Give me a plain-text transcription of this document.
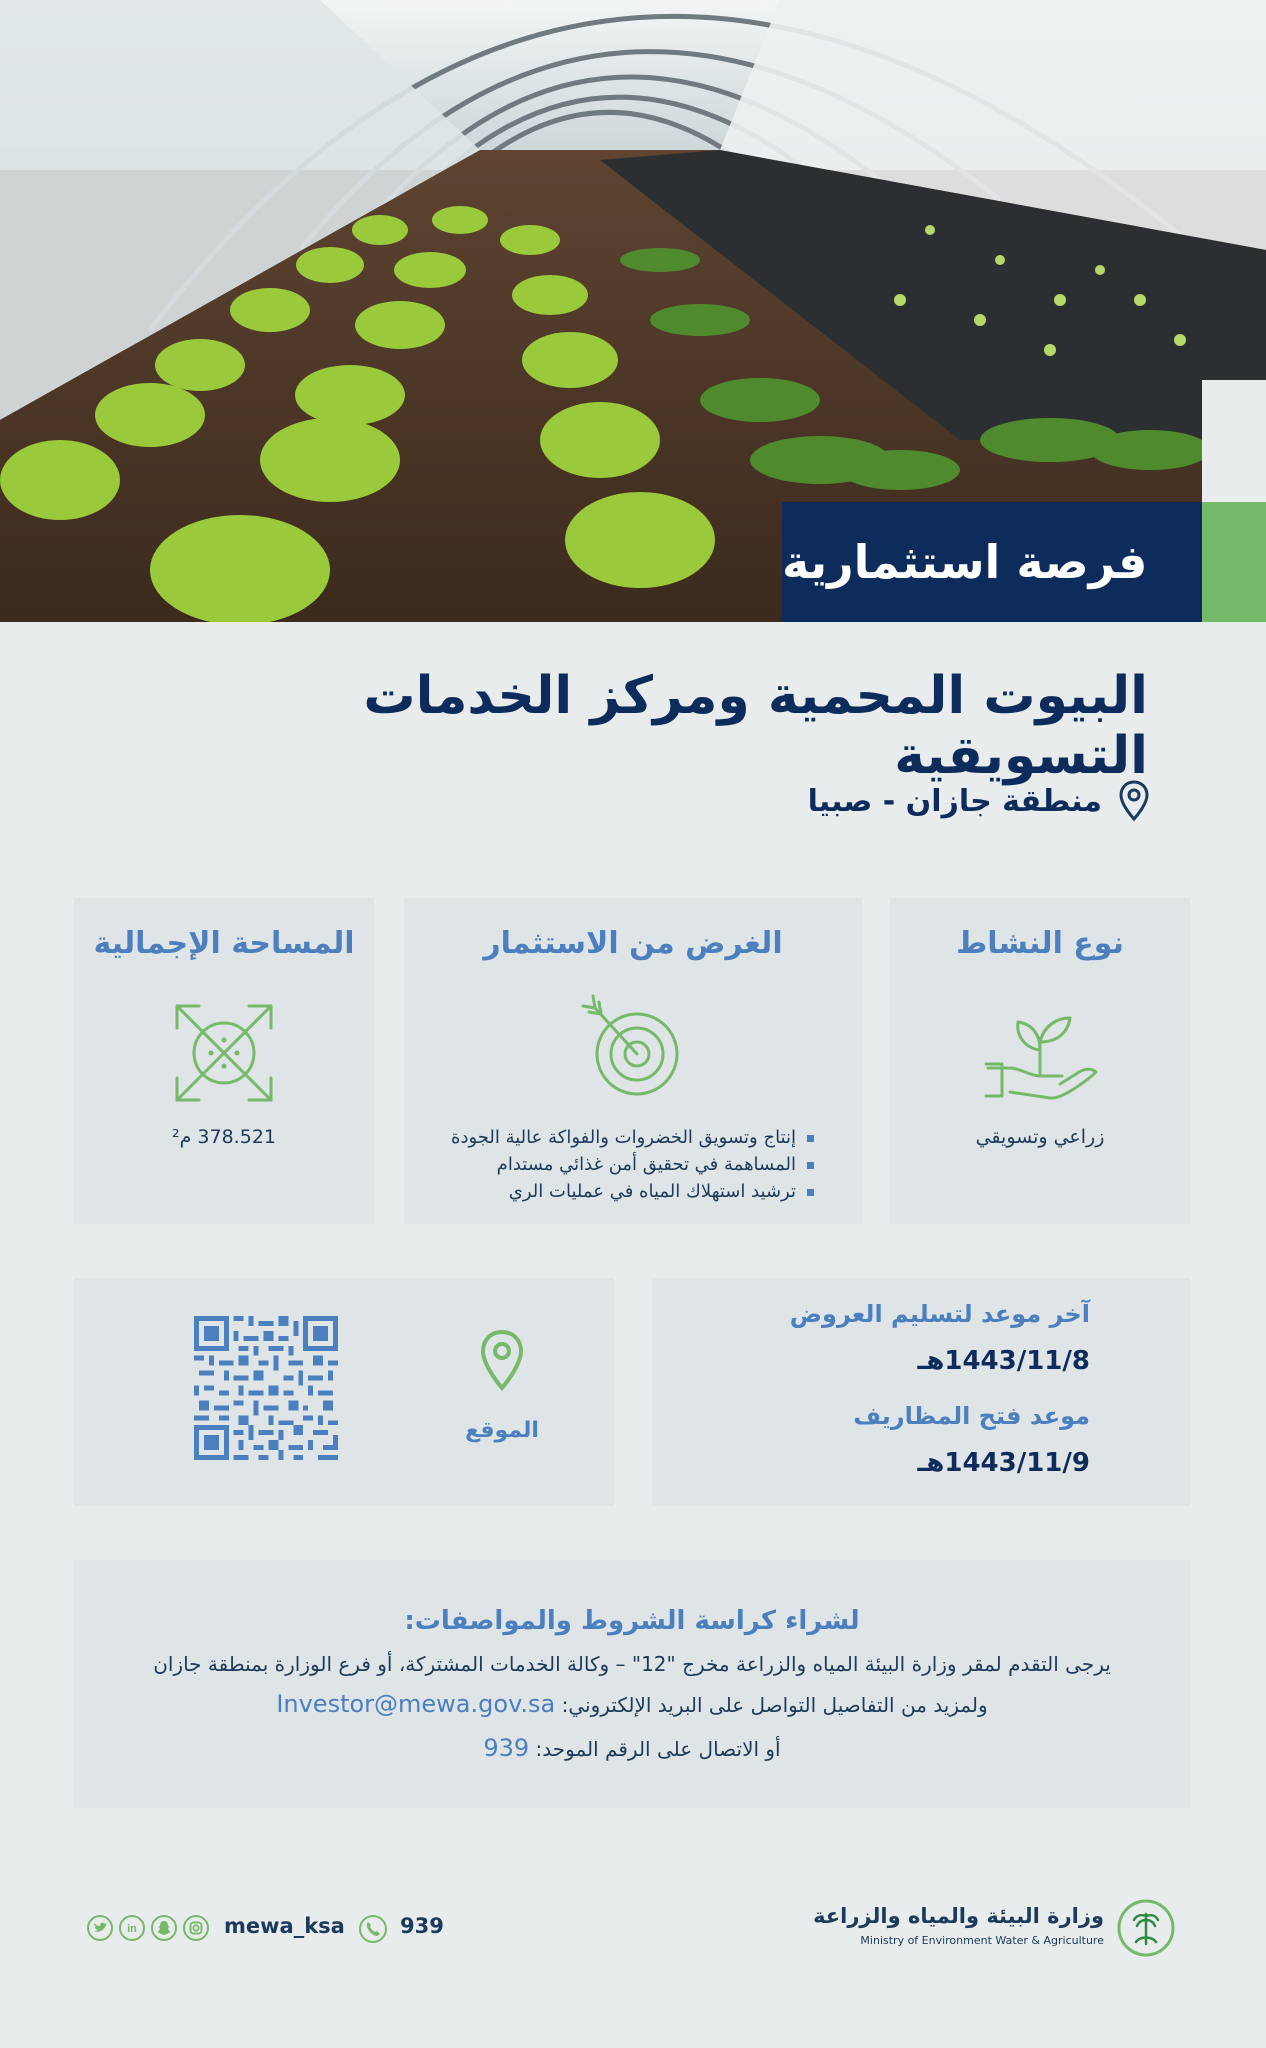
فرصة استثمارية
البيوت المحمية ومركز الخدمات التسويقية
منطقة جازان - صبيا
نوع النشاط
زراعي وتسويقي
الغرض من الاستثمار
إنتاج وتسويق الخضروات والفواكة عالية الجودة
المساهمة في تحقيق أمن غذائي مستدام
ترشيد استهلاك المياه في عمليات الري
المساحة الإجمالية
378.521 م²
آخر موعد لتسليم العروض
1443/11/8هـ
موعد فتح المظاريف
1443/11/9هـ
الموقع
لشراء كراسة الشروط والمواصفات:
يرجى التقدم لمقر وزارة البيئة المياه والزراعة مخرج "12" – وكالة الخدمات المشتركة، أو فرع الوزارة بمنطقة جازان
ولمزيد من التفاصيل التواصل على البريد الإلكتروني: Investor@mewa.gov.sa
أو الاتصال على الرقم الموحد: 939
in	mewa_ksa	939	وزارة البيئة والمياه والزراعة
Ministry of Environment Water & Agriculture
